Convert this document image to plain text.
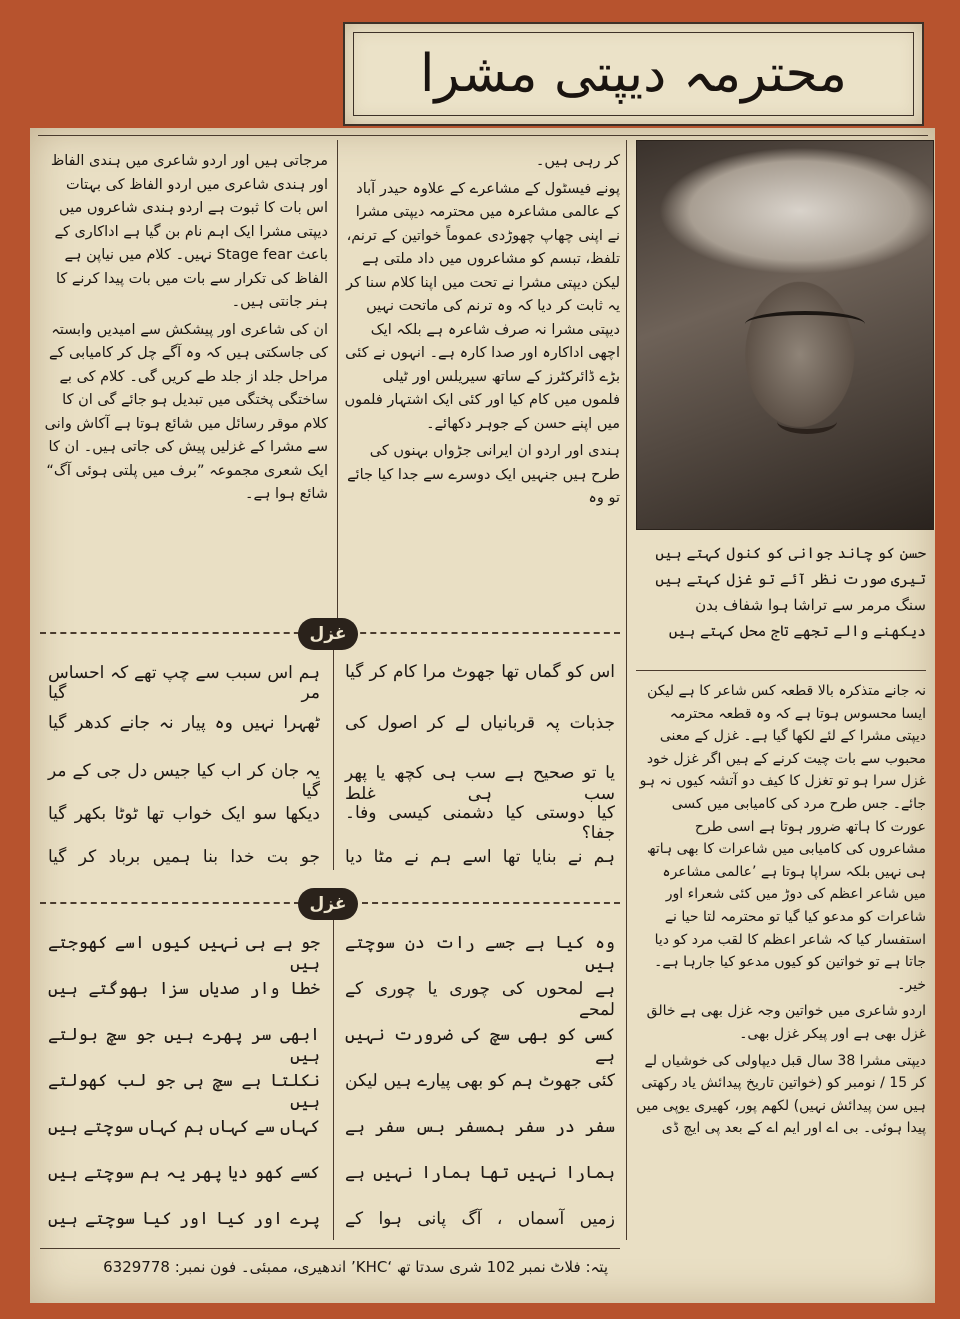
محترمہ دیپتی مشرا

مرجاتی ہیں اور اردو شاعری میں ہندی الفاظ اور ہندی شاعری میں اردو الفاظ کی بہتات اس بات کا ثبوت ہے اردو ہندی شاعروں میں دیپتی مشرا ایک اہم نام بن گیا ہے اداکاری کے باعث Stage fear نہیں۔ کلام میں نیاپن ہے الفاظ کی تکرار سے بات میں بات پیدا کرنے کا ہنر جانتی ہیں۔

ان کی شاعری اور پیشکش سے امیدیں وابستہ کی جاسکتی ہیں کہ وہ آگے چل کر کامیابی کے مراحل جلد از جلد طے کریں گی۔ کلام کی بے ساختگی پختگی میں تبدیل ہو جائے گی ان کا کلام موقر رسائل میں شائع ہوتا ہے آکاش وانی سے مشرا کے غزلیں پیش کی جاتی ہیں۔ ان کا ایک شعری مجموعہ ”برف میں پلتی ہوئی آگ“ شائع ہوا ہے۔

کر رہی ہیں۔

پونے فیسٹول کے مشاعرے کے علاوہ حیدر آباد کے عالمی مشاعرہ میں محترمہ دیپتی مشرا نے اپنی چھاپ چھوڑدی عموماً خواتین کے ترنم، تلفظ، تبسم کو مشاعروں میں داد ملتی ہے لیکن دیپتی مشرا نے تحت میں اپنا کلام سنا کر یہ ثابت کر دیا کہ وہ ترنم کی ماتحت نہیں دیپتی مشرا نہ صرف شاعرہ ہے بلکہ ایک اچھی اداکارہ اور صدا کارہ ہے۔ انہوں نے کئی بڑے ڈائرکٹرز کے ساتھ سیریلس اور ٹیلی فلموں میں کام کیا اور کئی ایک اشتہار فلموں میں اپنے حسن کے جوہر دکھائے۔

ہندی اور اردو ان ایرانی جڑواں بہنوں کی طرح ہیں جنہیں ایک دوسرے سے جدا کیا جائے تو وہ

حسن کو چاند جوانی کو کنول کہتے ہیں

تیری صورت نظر آئے تو غزل کہتے ہیں

سنگ مرمر سے تراشا ہوا شفاف بدن

دیکھنے والے تجھے تاج محل کہتے ہیں

نہ جانے متذکرہ بالا قطعہ کس شاعر کا ہے لیکن ایسا محسوس ہوتا ہے کہ وہ قطعہ محترمہ دیپتی مشرا کے لئے لکھا گیا ہے۔ غزل کے معنی محبوب سے بات چیت کرنے کے ہیں اگر غزل خود غزل سرا ہو تو تغزل کا کیف دو آتشہ کیوں نہ ہو جائے۔ جس طرح مرد کی کامیابی میں کسی عورت کا ہاتھ ضرور ہوتا ہے اسی طرح مشاعروں کی کامیابی میں شاعرات کا بھی ہاتھ ہی نہیں بلکہ سراپا ہوتا ہے ’عالمی مشاعرہ میں شاعر اعظم کی دوڑ میں کئی شعراء اور شاعرات کو مدعو کیا گیا تو محترمہ لتا حیا نے استفسار کیا کہ شاعر اعظم کا لقب مرد کو دیا جاتا ہے تو خواتین کو کیوں مدعو کیا جارہا ہے۔ خیر۔

اردو شاعری میں خواتین وجہ غزل بھی ہے خالق غزل بھی ہے اور پیکر غزل بھی۔

دیپتی مشرا 38 سال قبل دیپاولی کی خوشیاں لے کر 15 / نومبر کو (خواتین تاریخ پیدائش یاد رکھتی ہیں سن پیدائش نہیں) لکھم پور، کھیری یوپی میں پیدا ہوئی۔ بی اے اور ایم اے کے بعد پی ایچ ڈی

غزل
اس کو گماں تھا جھوٹ مرا کام کر گیا
جذبات پہ قربانیاں لے کر اصول کی
یا تو صحیح ہے سب ہی کچھ یا پھر سب ہی غلط
کیا دوستی کیا دشمنی کیسی وفا۔ جفا؟
ہم نے بنایا تھا اسے ہم نے مٹا دیا
ہم اس سبب سے چپ تھے کہ احساس مر گیا
ٹھہرا نہیں وہ پیار نہ جانے کدھر گیا
یہ جان کر اب کیا جیس دل جی کے مر گیا
دیکھا سو ایک خواب تھا ٹوٹا بکھر گیا
جو بت خدا بنا ہمیں برباد کر گیا
غزل
وہ کیا ہے جسے رات دن سوچتے ہیں
ہے لمحوں کی چوری یا چوری کے لمحے
کسی کو بھی سچ کی ضرورت نہیں ہے
کئی جھوٹ ہم کو بھی پیارے ہیں لیکن
سفر در سفر ہمسفر بس سفر ہے
ہمارا نہیں تھا ہمارا نہیں ہے
زمیں آسماں ، آگ پانی ہوا کے
جو ہے ہی نہیں کیوں اسے کھوجتے ہیں
خطا وار صدیاں سزا بھوگتے ہیں
ابھی سر پھرے ہیں جو سچ بولتے ہیں
نکلتا ہے سچ ہی جو لب کھولتے ہیں
کہاں سے کہاں ہم کہاں سوچتے ہیں
کسے کھو دیا پھر یہ ہم سوچتے ہیں
پرے اور کیا اور کیا سوچتے ہیں
پتہ: فلاٹ نمبر 102 شری سدتا تھ ‘KHC’ اندھیری، ممبئی۔ فون نمبر: 6329778
